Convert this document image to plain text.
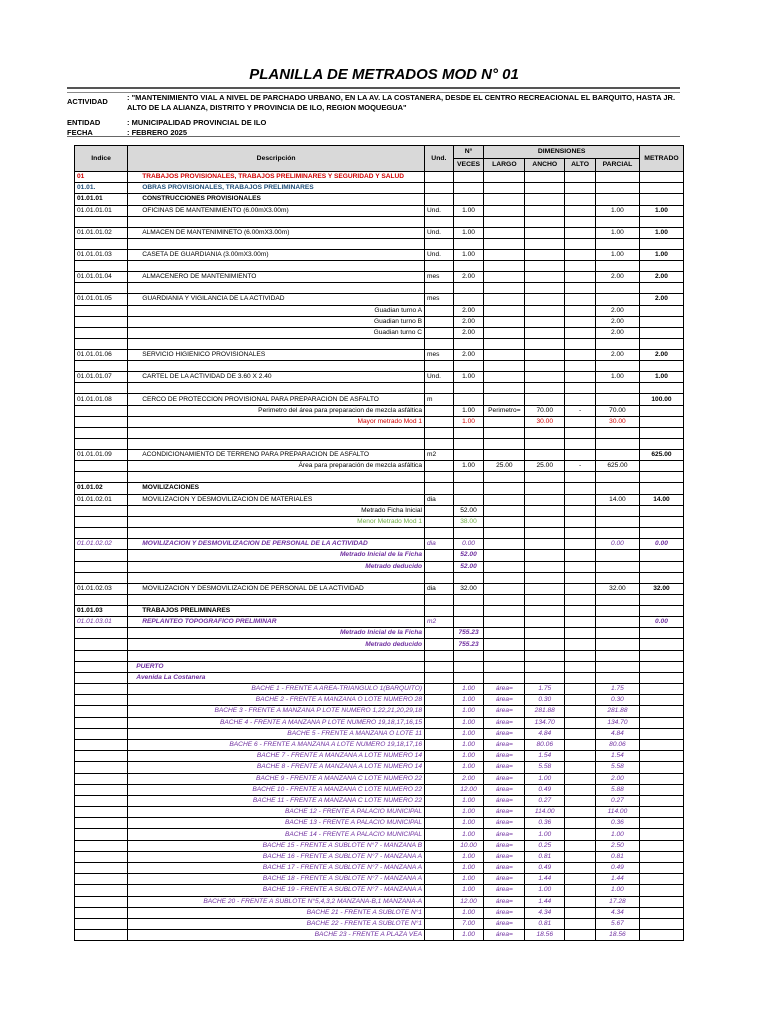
PLANILLA DE METRADOS MOD N° 01
ACTIVIDAD	: "MANTENIMIENTO VIAL A NIVEL DE PARCHADO URBANO, EN LA AV. LA COSTANERA, DESDE EL CENTRO RECREACIONAL EL BARQUITO, HASTA JR. ALTO DE LA ALIANZA, DISTRITO Y PROVINCIA DE ILO, REGION MOQUEGUA"
ENTIDAD	: MUNICIPALIDAD PROVINCIAL DE ILO
FECHA	: FEBRERO 2025
Indice	Descripción	Und.	N°	DIMENSIONES				METRADO
			VECES	LARGO	ANCHO	ALTO	PARCIAL	
01	TRABAJOS PROVISIONALES, TRABAJOS PRELIMINARES Y SEGURIDAD Y SALUD							
01.01.	OBRAS PROVISIONALES, TRABAJOS PRELIMINARES							
01.01.01	CONSTRUCCIONES PROVISIONALES							
01.01.01.01	OFICINAS DE MANTENIMIENTO (6.00mX3.00m)	Und.	1.00				1.00	1.00

01.01.01.02	ALMACEN DE MANTENIMINETO (6.00mX3.00m)	Und.	1.00				1.00	1.00

01.01.01.03	CASETA DE GUARDIANIA (3.00mX3.00m)	Und.	1.00				1.00	1.00

01.01.01.04	ALMACENERO DE MANTENIMIENTO	mes	2.00				2.00	2.00

01.01.01.05	GUARDIANIA Y VIGILANCIA DE LA ACTIVIDAD	mes						2.00
	Guadian turno A		2.00				2.00	
	Guadian turno B		2.00				2.00	
	Guadian turno C		2.00				2.00	

01.01.01.06	SERVICIO HIGIENICO PROVISIONALES	mes	2.00				2.00	2.00

01.01.01.07	CARTEL DE LA ACTIVIDAD DE 3.60 X 2.40	Und.	1.00				1.00	1.00

01.01.01.08	CERCO DE PROTECCION PROVISIONAL PARA PREPARACION DE ASFALTO	m						100.00
	Perimetro del área para preparacion de mezcla asfáltica		1.00	Perimetro=	70.00	-	70.00	
	Mayor metrado Mod 1		1.00		30.00		30.00	

01.01.01.09	ACONDICIONAMIENTO DE TERRENO PARA PREPARACION DE ASFALTO	m2						625.00
	Área para preparación de mezcla asfáltica		1.00	25.00	25.00	-	625.00	

01.01.02	MOVILIZACIONES							
01.01.02.01	MOVILIZACION Y DESMOVILIZACION DE MATERIALES	dia					14.00	14.00
	Metrado Ficha Inicial		52.00					
	Menor Metrado Mod 1		38.00					

01.01.02.02	MOVILIZACION Y DESMOVILIZACION DE PERSONAL DE LA ACTIVIDAD	dia	0.00				0.00	0.00
	Metrado Inicial de la Ficha		52.00					
	Metrado deducido		52.00					

01.01.02.03	MOVILIZACION Y DESMOVILIZACION DE PERSONAL DE LA ACTIVIDAD	dia	32.00				32.00	32.00

01.01.03	TRABAJOS PRELIMINARES							
01.01.03.01	REPLANTEO TOPOGRAFICO PRELIMINAR	m2						0.00
	Metrado Inicial de la Ficha		755.23					
	Metrado deducido		755.23					

	PUERTO							
	Avenida La Costanera							
	BACHE 1 - FRENTE A AREA-TRIANGULO 1(BARQUITO)		1.00	área=	1.75		1.75	
	BACHE 2 - FRENTE A MANZANA O LOTE NUMERO 28		1.00	área=	0.30		0.30	
	BACHE 3 - FRENTE A MANZANA P LOTE NUMERO 1,22,21,20,29,18		1.00	área=	281.88		281.88	
	BACHE 4 - FRENTE A MANZANA P LOTE NUMERO 19,18,17,16,15		1.00	área=	134.70		134.70	
	BACHE 5 - FRENTE A MANZANA O LOTE 11		1.00	área=	4.84		4.84	
	BACHE 6 - FRENTE A MANZANA A LOTE NUMERO 19,18,17,16		1.00	área=	80.06		80.06	
	BACHE 7 - FRENTE A MANZANA A LOTE NUMERO 14		1.00	área=	1.54		1.54	
	BACHE 8 - FRENTE A MANZANA A LOTE NUMERO 14		1.00	área=	5.58		5.58	
	BACHE 9 - FRENTE A MANZANA C LOTE NUMERO 22		2.00	área=	1.00		2.00	
	BACHE 10 - FRENTE A MANZANA C LOTE NUMERO 22		12.00	área=	0.49		5.88	
	BACHE 11 - FRENTE A MANZANA C LOTE NUMERO 22		1.00	área=	0.27		0.27	
	BACHE 12 - FRENTE A PALACIO MUNICIPAL		1.00	área=	114.00		114.00	
	BACHE 13 - FRENTE A PALACIO MUNICIPAL		1.00	área=	0.36		0.36	
	BACHE 14 - FRENTE A PALACIO MUNICIPAL		1.00	área=	1.00		1.00	
	BACHE 15 - FRENTE A SUBLOTE N°7 - MANZANA B		10.00	área=	0.25		2.50	
	BACHE 16 - FRENTE A SUBLOTE N°7 - MANZANA A		1.00	área=	0.81		0.81	
	BACHE 17 - FRENTE A SUBLOTE N°7 - MANZANA A		1.00	área=	0.49		0.49	
	BACHE 18 - FRENTE A SUBLOTE N°7 - MANZANA A		1.00	área=	1.44		1.44	
	BACHE 19 - FRENTE A SUBLOTE N°7 - MANZANA A		1.00	área=	1.00		1.00	
	BACHE 20 - FRENTE A SUBLOTE N°5,4,3,2 MANZANA-B,1 MANZANA-A		12.00	área=	1.44		17.28	
	BACHE 21 - FRENTE A SUBLOTE N°1		1.00	área=	4.34		4.34	
	BACHE 22 - FRENTE A SUBLOTE N°1		7.00	área=	0.81		5.67	
	BACHE 23 - FRENTE A PLAZA VEA		1.00	área=	18.56		18.56	
